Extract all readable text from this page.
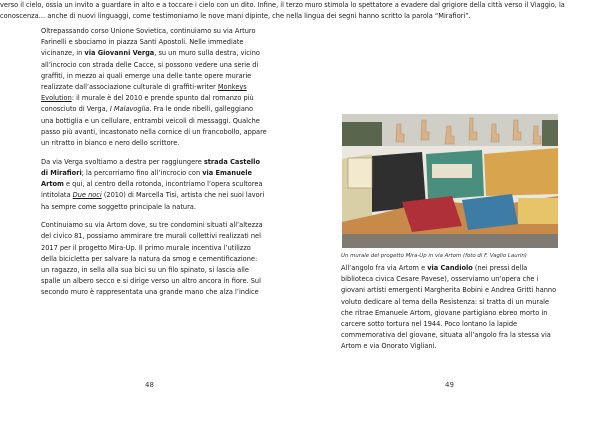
Oltrepassando corso Unione Sovietica, continuiamo su via Arturo Farinelli e sbociamo in piazza Santi Apostoli. Nelle immediate vicinanze, in via Giovanni Verga, su un muro sulla destra, vicino all’incrocio con strada delle Cacce, si possono vedere una serie di graffiti, in mezzo ai quali emerge una delle tante opere murarie realizzate dall’associazione culturale di graffiti-writer Monkeys Evolution: il murale è del 2010 e prende spunto dal romanzo più conosciuto di Verga, I Malavoglia. Fra le onde ribelli, galleggiano una bottiglia e un cellulare, entrambi veicoli di messaggi. Qualche passo più avanti, incastonato nella cornice di un francobollo, appare un ritratto in bianco e nero dello scrittore.

Da via Verga svoltiamo a destra per raggiungere strada Castello di Mirafiori; la percorriamo fino all’incrocio con via Emanuele Artom e qui, al centro della rotonda, incontriamo l’opera scultorea intitolata Due noci (2010) di Marcella Tisi, artista che nei suoi lavori ha sempre come soggetto principale la natura.

Continuiamo su via Artom dove, su tre condomini situati all’altezza del civico 81, possiamo ammirare tre murali collettivi realizzati nel 2017 per il progetto Mira-Up. Il primo murale incentiva l’utilizzo della bicicletta per salvare la natura da smog e cementificazione: un ragazzo, in sella alla sua bici su un filo spinato, si lascia alle spalle un albero secco e si dirige verso un altro ancora in fiore. Sul secondo muro è rappresentata una grande mano che alza l’indice

48

verso il cielo, ossia un invito a guardare in alto e a toccare i cielo con un dito. Infine, il terzo muro stimola lo spettatore a evadere dal grigiore della città verso il Viaggio, la conoscenza… anche di nuovi linguaggi, come testimoniamo le nove mani dipinte, che nella lingua dei segni hanno scritto la parola “Mirafiori”.

Un murale del progetto Mira-Up in via Artom (foto di F. Vaglio Laurin)

All’angolo fra via Artom e via Candiolo (nei pressi della biblioteca civica Cesare Pavese), osserviamo un’opera che i giovani artisti emergenti Margherita Bobini e Andrea Gritti hanno voluto dedicare al tema della Resistenza: si tratta di un murale che ritrae Emanuele Artom, giovane partigiano ebreo morto in carcere sotto tortura nel 1944. Poco lontano la lapide commemorativa del giovane, situata all’angolo fra la stessa via Artom e via Onorato Vigliani.

49
